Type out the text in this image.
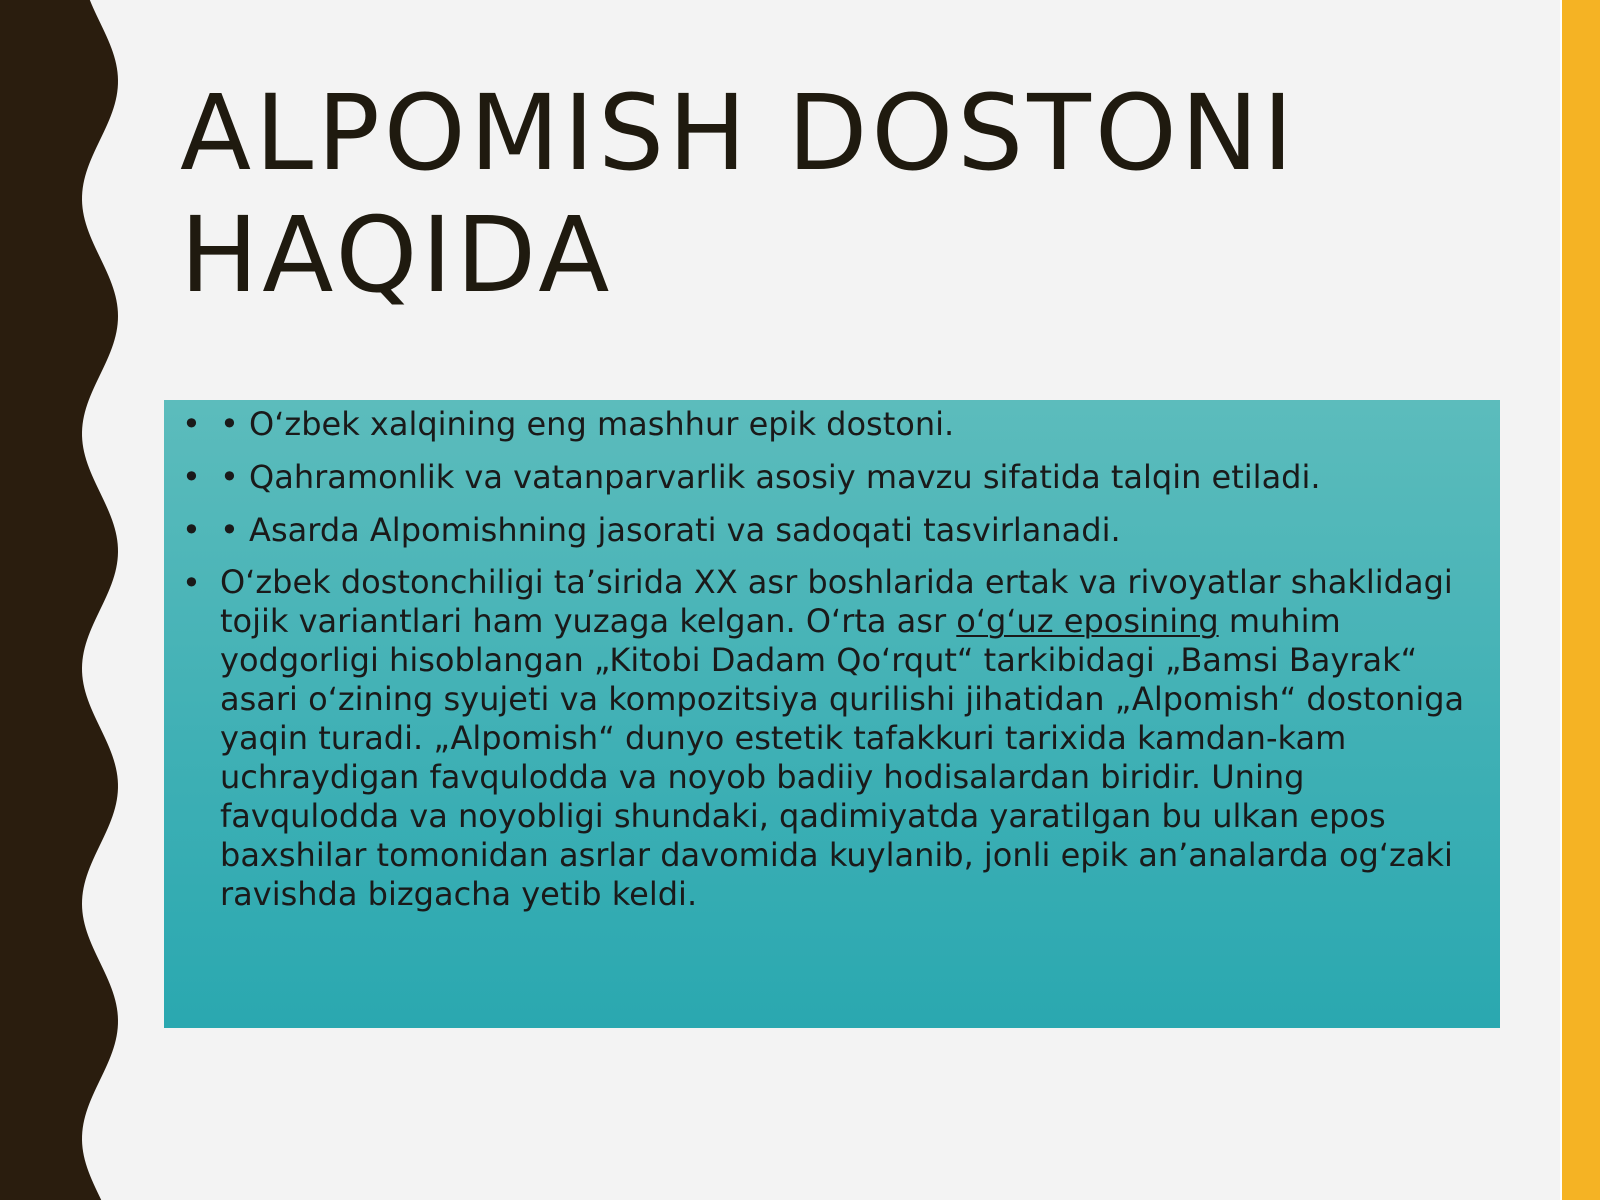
ALPOMISH DOSTONI
HAQIDA
• • O‘zbek xalqining eng mashhur epik dostoni.
• • Qahramonlik va vatanparvarlik asosiy mavzu sifatida talqin etiladi.
• • Asarda Alpomishning jasorati va sadoqati tasvirlanadi.
• O‘zbek dostonchiligi ta’sirida XX asr boshlarida ertak va rivoyatlar shaklidagi tojik variantlari ham yuzaga kelgan. O‘rta asr o‘g‘uz eposining muhim yodgorligi hisoblangan „Kitobi Dadam Qo‘rqut“ tarkibidagi „Bamsi Bayrak“ asari o‘zining syujeti va kompozitsiya qurilishi jihatidan „Alpomish“ dostoniga yaqin turadi. „Alpomish“ dunyo estetik tafakkuri tarixida kamdan-kam uchraydigan favqulodda va noyob badiiy hodisalardan biridir. Uning favqulodda va noyobligi shundaki, qadimiyatda yaratilgan bu ulkan epos baxshilar tomonidan asrlar davomida kuylanib, jonli epik an’analarda og‘zaki ravishda bizgacha yetib keldi.
